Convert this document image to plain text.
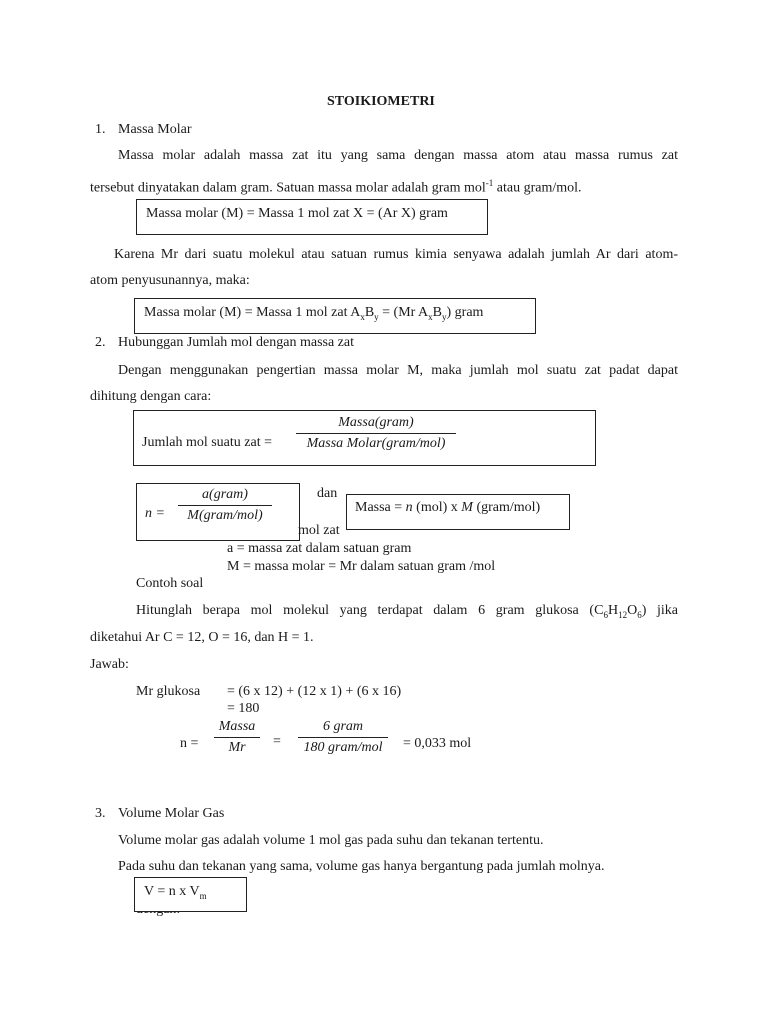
STOIKIOMETRI
1. Massa Molar
Massa molar adalah massa zat itu yang sama dengan massa atom atau massa rumus zat
tersebut dinyatakan dalam gram. Satuan massa molar adalah gram mol$^{-1}$ atau gram/mol.
Massa molar (M) = Massa 1 mol zat X = (Ar X) gram
Karena Mr dari suatu molekul atau satuan rumus kimia senyawa adalah jumlah Ar dari atom-
atom penyusunannya, maka:
Massa molar (M) = Massa 1 mol zat $A_xB_y = (Mr$ $A_xB_y$) gram
2. Hubunggan Jumlah mol dengan massa zat
Dengan menggunakan pengertian massa molar M, maka jumlah mol suatu zat padat dapat
dihitung dengan cara:
Jumlah mol suatu zat =
Massa(gram)
Massa Molar(gram/mol)
n =
a(gram)
M(gram/mol)
dan
Massa = n (mol) x M (gram/mol)
mol zat
a = massa zat dalam satuan gram
M = massa molar = Mr dalam satuan gram /mol
Contoh soal
Hitunglah berapa mol molekul yang terdapat dalam 6 gram glukosa $(C_6H_{12}O_6)$ jika
diketahui Ar C = 12, O = 16, dan H = 1.
Jawab:
Mr glukosa = (6 x 12) + (12 x 1) + (6 x 16)
= 180
n =
Massa
Mr =
6 gram
180 gram/mol = 0,033 mol
3. Volume Molar Gas
Volume molar gas adalah volume 1 mol gas pada suhu dan tekanan tertentu.
Pada suhu dan tekanan yang sama, volume gas hanya bergantung pada jumlah molnya.
V = n x $V_m$
